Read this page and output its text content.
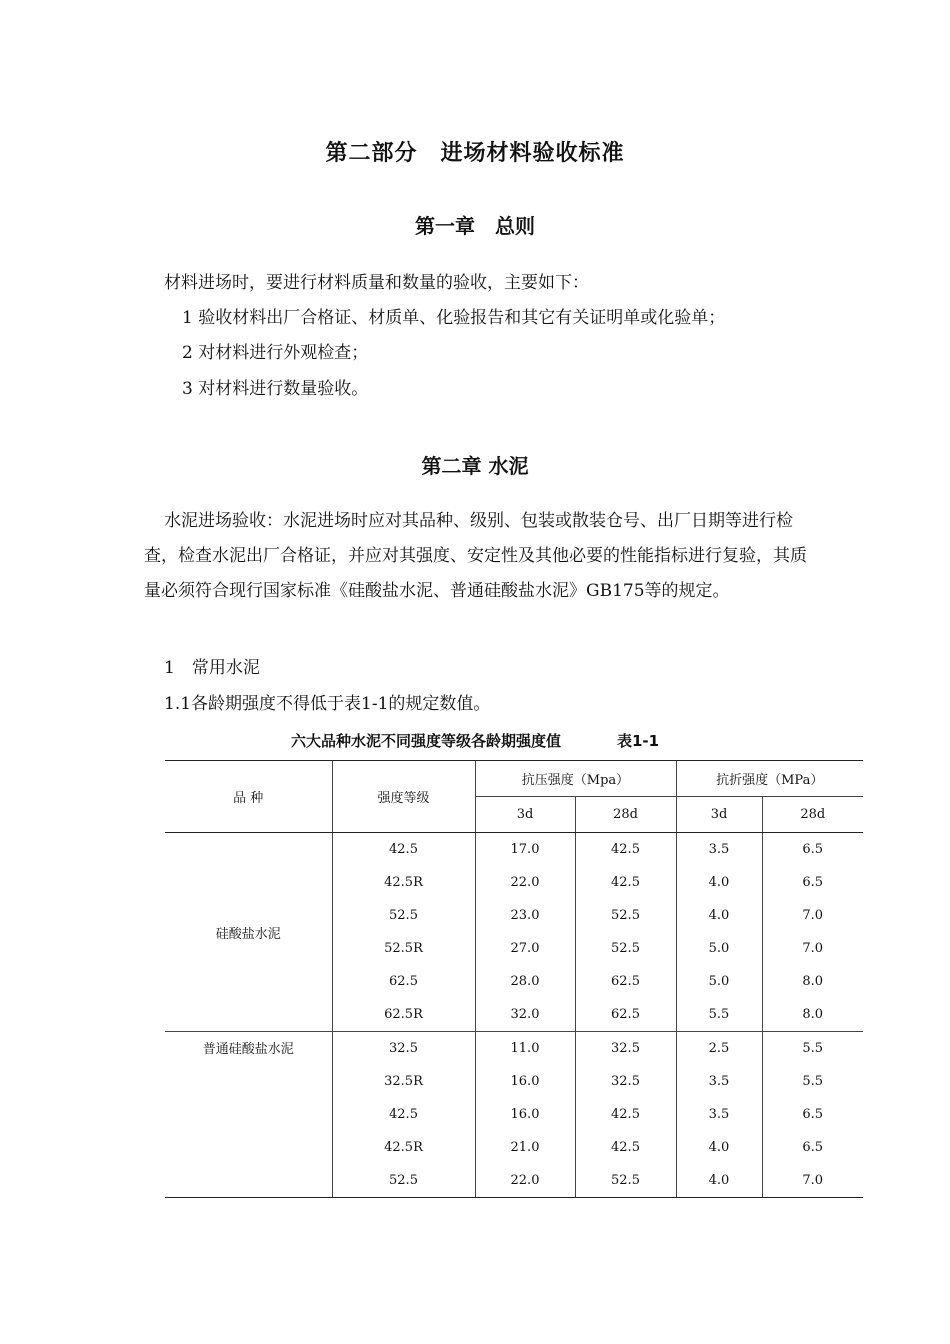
第二部分　进场材料验收标准
第一章　总则
材料进场时，要进行材料质量和数量的验收，主要如下：
1 验收材料出厂合格证、材质单、化验报告和其它有关证明单或化验单；
2 对材料进行外观检查；
3 对材料进行数量验收。
第二章 水泥
水泥进场验收：水泥进场时应对其品种、级别、包装或散装仓号、出厂日期等进行检查，检查水泥出厂合格证，并应对其强度、安定性及其他必要的性能指标进行复验，其质量必须符合现行国家标准《硅酸盐水泥、普通硅酸盐水泥》GB175等的规定。
1　常用水泥
1.1各龄期强度不得低于表1-1的规定数值。
六大品种水泥不同强度等级各龄期强度值	表1-1
品 种	强度等级	抗压强度（Mpa）		抗折强度（MPa）	
		3d	28d	3d	28d
硅酸盐水泥	42.5	17.0	42.5	3.5	6.5
	42.5R	22.0	42.5	4.0	6.5
	52.5	23.0	52.5	4.0	7.0
	52.5R	27.0	52.5	5.0	7.0
	62.5	28.0	62.5	5.0	8.0
	62.5R	32.0	62.5	5.5	8.0
普通硅酸盐水泥	32.5	11.0	32.5	2.5	5.5
	32.5R	16.0	32.5	3.5	5.5
	42.5	16.0	42.5	3.5	6.5
	42.5R	21.0	42.5	4.0	6.5
	52.5	22.0	52.5	4.0	7.0
